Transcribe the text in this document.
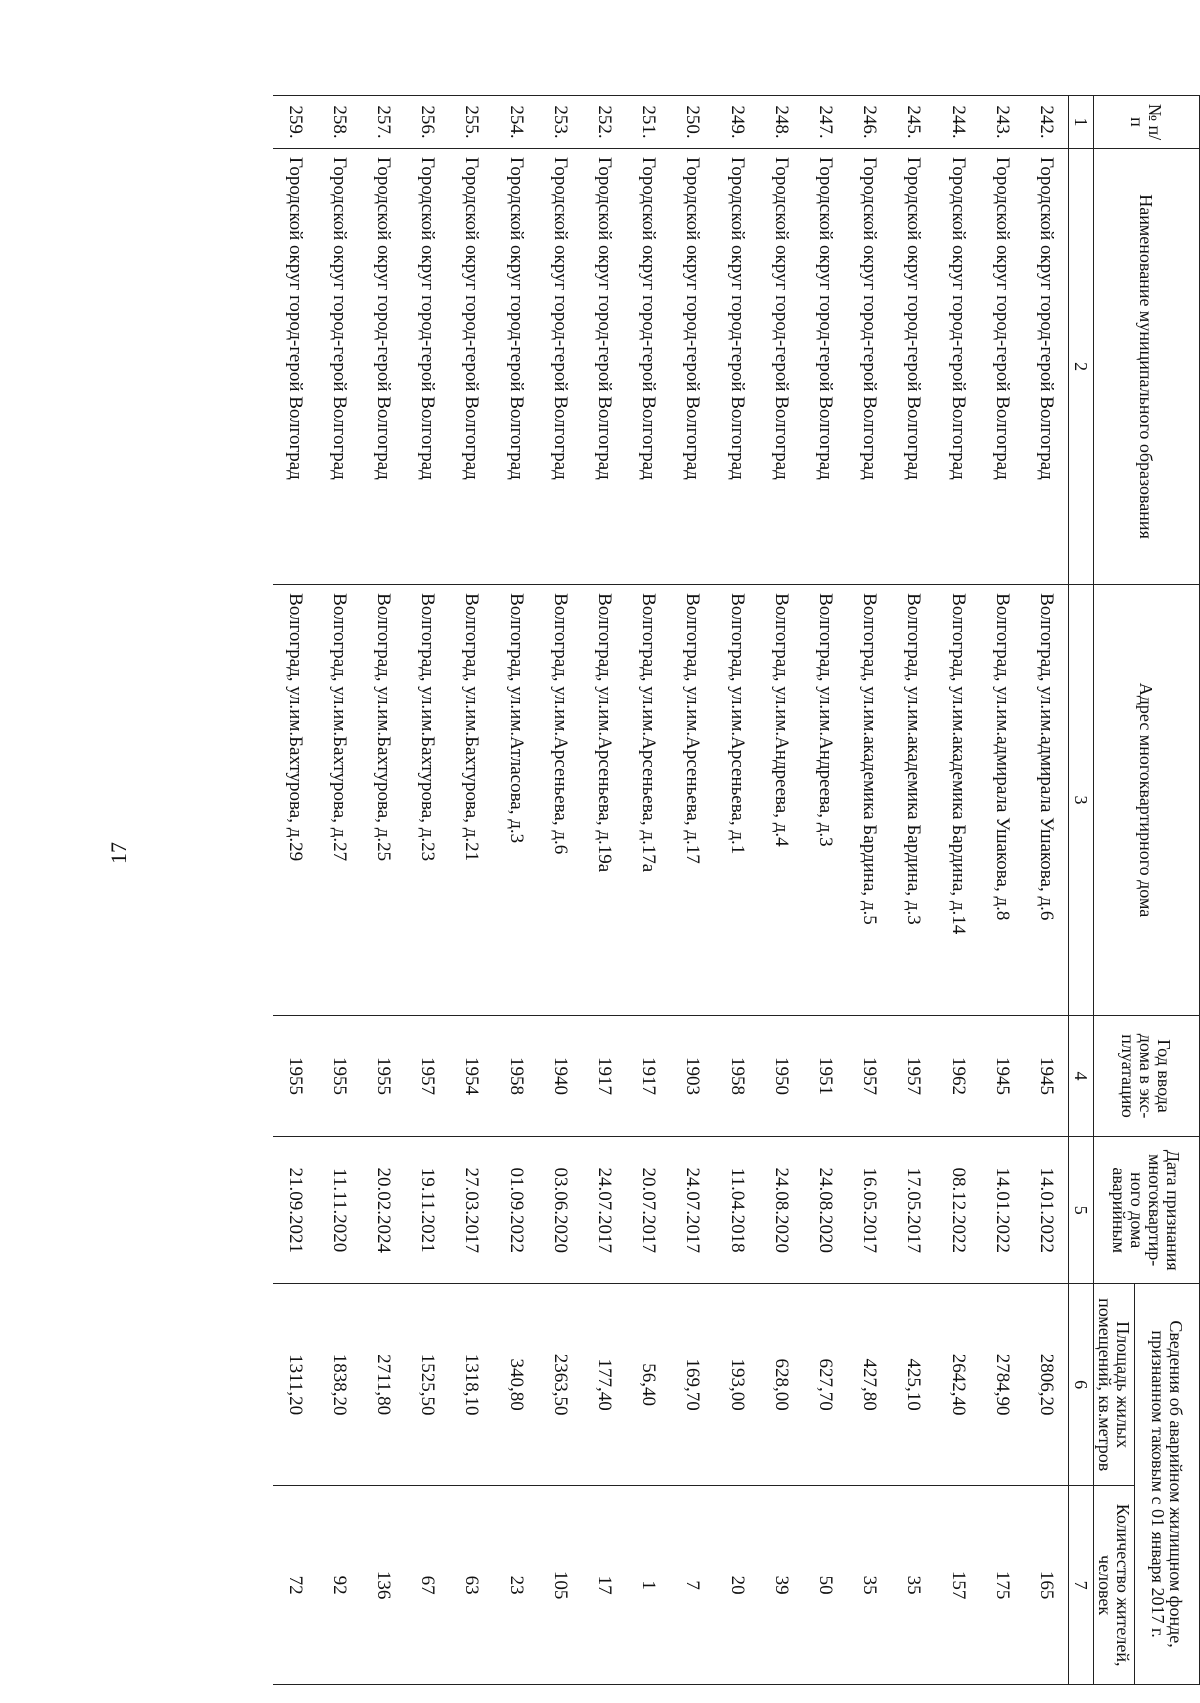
17
№ п/п	Наименование муниципального образования	Адрес многоквартирного дома	Год ввода дома в экс-плуатацию	Дата признания многоквартир-ного дома аварийным	Сведения об аварийном жилищном фонде, признанном таковым с 01 января 2017 г.	
					Площадь жилых помещений, кв.метров	Количество жителей, человек
1	2	3	4	5	6	7
242.	Городской округ город-герой Волгоград	Волгоград, ул.им.адмирала Ушакова, д.6	1945	14.01.2022	2806,20	165
243.	Городской округ город-герой Волгоград	Волгоград, ул.им.адмирала Ушакова, д.8	1945	14.01.2022	2784,90	175
244.	Городской округ город-герой Волгоград	Волгоград, ул.им.академика Бардина, д.14	1962	08.12.2022	2642,40	157
245.	Городской округ город-герой Волгоград	Волгоград, ул.им.академика Бардина, д.3	1957	17.05.2017	425,10	35
246.	Городской округ город-герой Волгоград	Волгоград, ул.им.академика Бардина, д.5	1957	16.05.2017	427,80	35
247.	Городской округ город-герой Волгоград	Волгоград, ул.им.Андреева, д.3	1951	24.08.2020	627,70	50
248.	Городской округ город-герой Волгоград	Волгоград, ул.им.Андреева, д.4	1950	24.08.2020	628,00	39
249.	Городской округ город-герой Волгоград	Волгоград, ул.им.Арсеньева, д.1	1958	11.04.2018	193,00	20
250.	Городской округ город-герой Волгоград	Волгоград, ул.им.Арсеньева, д.17	1903	24.07.2017	169,70	7
251.	Городской округ город-герой Волгоград	Волгоград, ул.им.Арсеньева, д.17а	1917	20.07.2017	56,40	1
252.	Городской округ город-герой Волгоград	Волгоград, ул.им.Арсеньева, д.19а	1917	24.07.2017	177,40	17
253.	Городской округ город-герой Волгоград	Волгоград, ул.им.Арсеньева, д.6	1940	03.06.2020	2363,50	105
254.	Городской округ город-герой Волгоград	Волгоград, ул.им.Атласова, д.3	1958	01.09.2022	340,80	23
255.	Городской округ город-герой Волгоград	Волгоград, ул.им.Бахтурова, д.21	1954	27.03.2017	1318,10	63
256.	Городской округ город-герой Волгоград	Волгоград, ул.им.Бахтурова, д.23	1957	19.11.2021	1525,50	67
257.	Городской округ город-герой Волгоград	Волгоград, ул.им.Бахтурова, д.25	1955	20.02.2024	2711,80	136
258.	Городской округ город-герой Волгоград	Волгоград, ул.им.Бахтурова, д.27	1955	11.11.2020	1838,20	92
259.	Городской округ город-герой Волгоград	Волгоград, ул.им.Бахтурова, д.29	1955	21.09.2021	1311,20	72
